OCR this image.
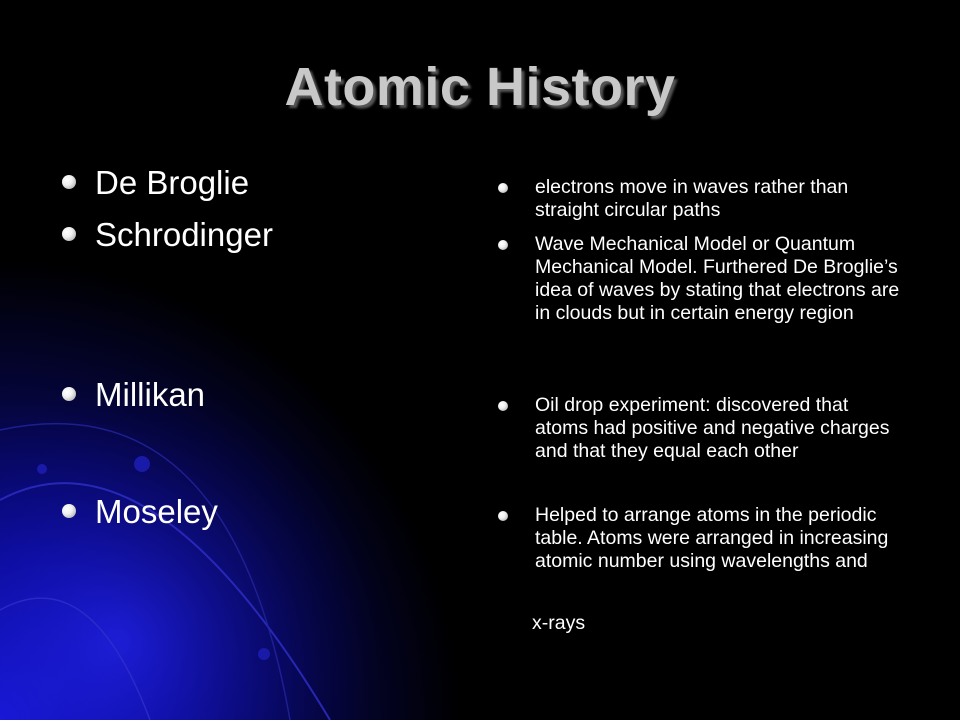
Atomic History
De Broglie
Schrodinger
Millikan
Moseley
electrons move in waves rather than straight circular paths
Wave Mechanical Model or Quantum Mechanical Model. Furthered De Broglie’s idea of waves by stating that electrons are in clouds but in certain energy region
Oil drop experiment: discovered that atoms had positive and negative charges and that they equal each other
Helped to arrange atoms in the periodic table. Atoms were arranged in increasing atomic number using wavelengths and
x-rays
